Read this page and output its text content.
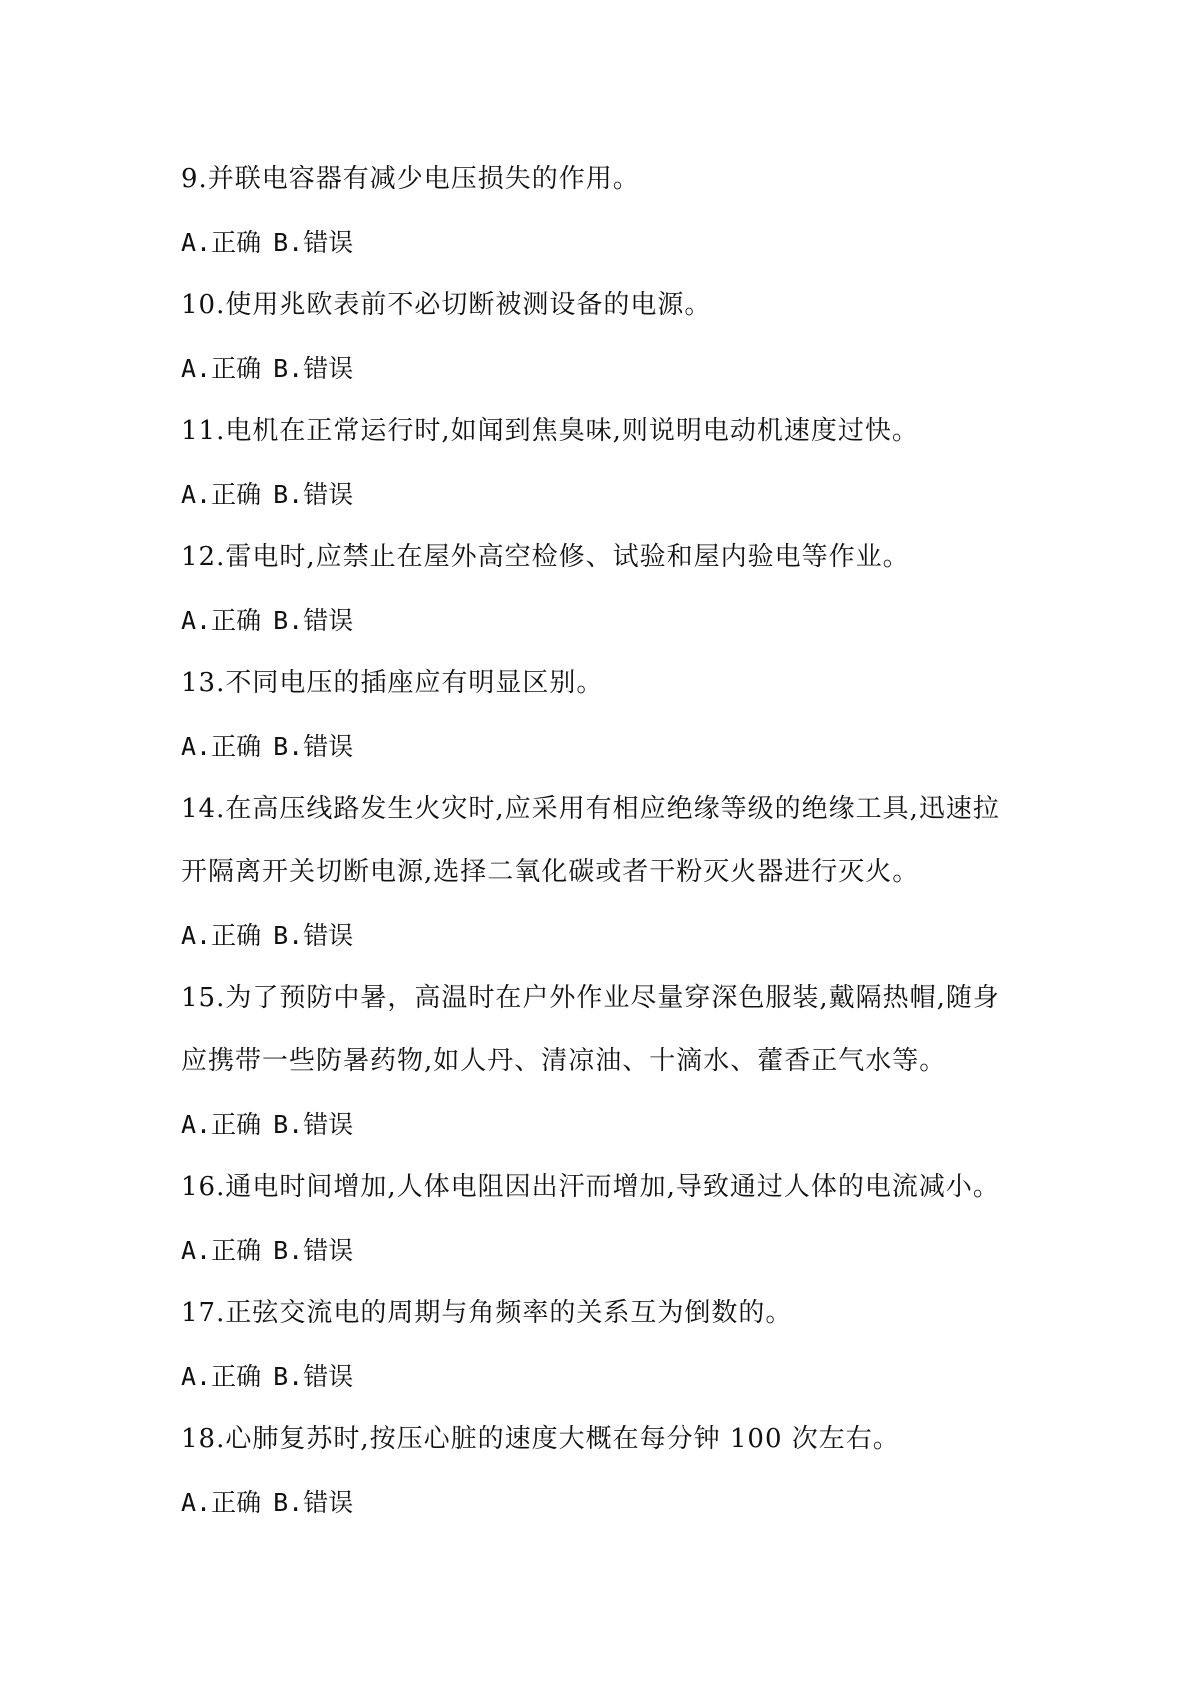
9.并联电容器有减少电压损失的作用。
A.正确 B.错误
10.使用兆欧表前不必切断被测设备的电源。
A.正确 B.错误
11.电机在正常运行时,如闻到焦臭味,则说明电动机速度过快。
A.正确 B.错误
12.雷电时,应禁止在屋外高空检修、试验和屋内验电等作业。
A.正确 B.错误
13.不同电压的插座应有明显区别。
A.正确 B.错误
14.在高压线路发生火灾时,应采用有相应绝缘等级的绝缘工具,迅速拉开隔离开关切断电源,选择二氧化碳或者干粉灭火器进行灭火。
A.正确 B.错误
15.为了预防中暑，高温时在户外作业尽量穿深色服装,戴隔热帽,随身应携带一些防暑药物,如人丹、清凉油、十滴水、藿香正气水等。
A.正确 B.错误
16.通电时间增加,人体电阻因出汗而增加,导致通过人体的电流减小。
A.正确 B.错误
17.正弦交流电的周期与角频率的关系互为倒数的。
A.正确 B.错误
18.心肺复苏时,按压心脏的速度大概在每分钟 100 次左右。
A.正确 B.错误
